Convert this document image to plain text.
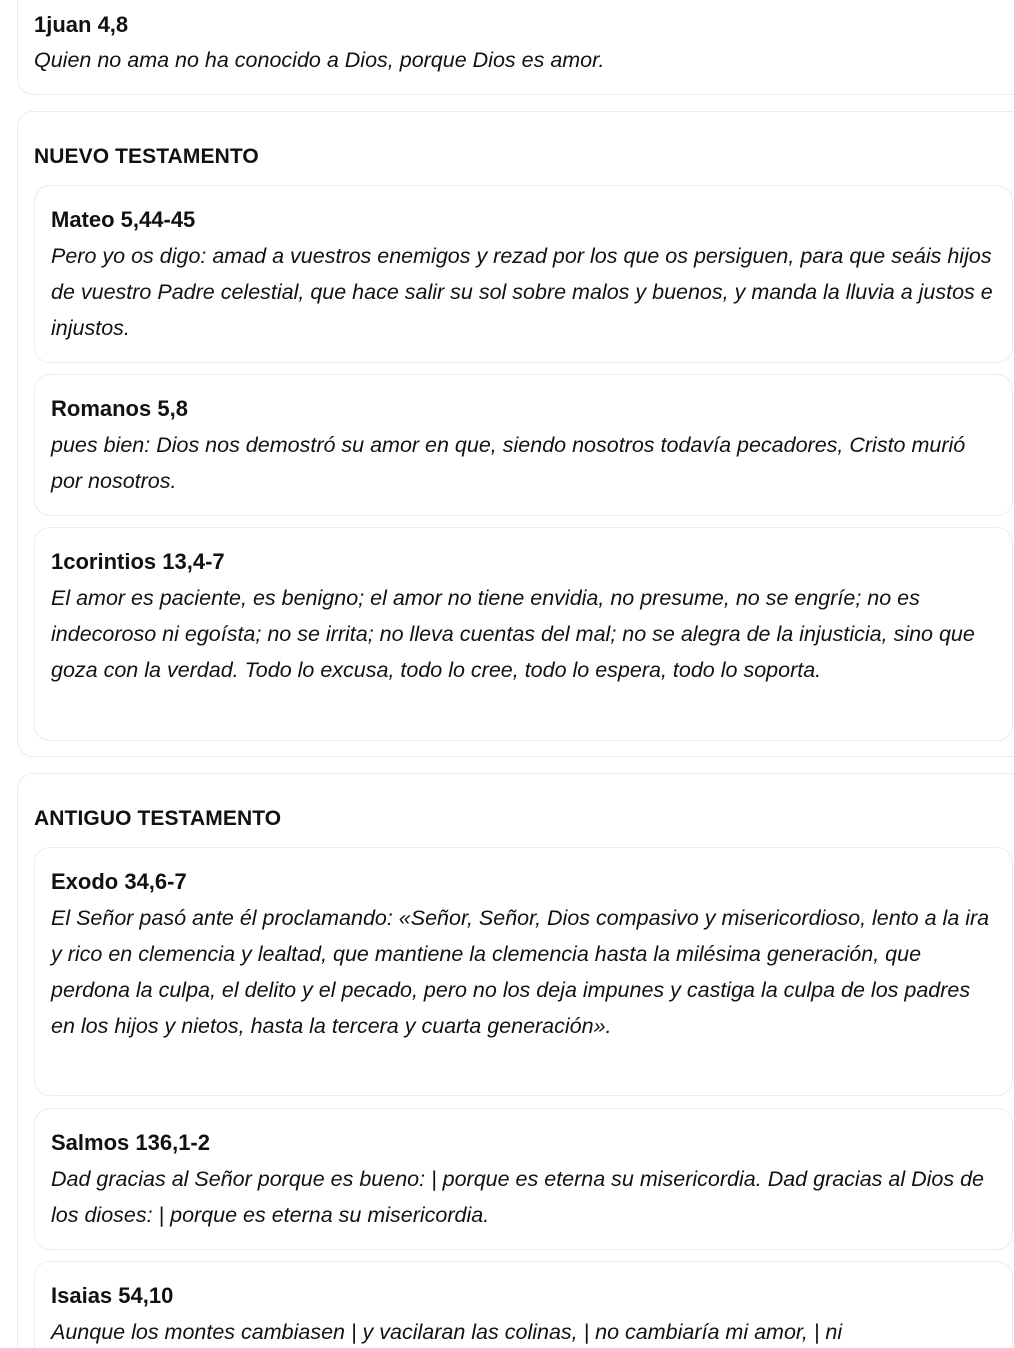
1juan 4,8

Quien no ama no ha conocido a Dios, porque Dios es amor.

NUEVO TESTAMENTO

Mateo 5,44-45

Pero yo os digo: amad a vuestros enemigos y rezad por los que os persiguen, para que seáis hijos de vuestro Padre celestial, que hace salir su sol sobre malos y buenos, y manda la lluvia a justos e injustos.

Romanos 5,8

pues bien: Dios nos demostró su amor en que, siendo nosotros todavía pecadores, Cristo murió por nosotros.

1corintios 13,4-7

El amor es paciente, es benigno; el amor no tiene envidia, no presume, no se engríe; no es indecoroso ni egoísta; no se irrita; no lleva cuentas del mal; no se alegra de la injusticia, sino que goza con la verdad. Todo lo excusa, todo lo cree, todo lo espera, todo lo soporta.

ANTIGUO TESTAMENTO

Exodo 34,6-7

El Señor pasó ante él proclamando: «Señor, Señor, Dios compasivo y misericordioso, lento a la ira y rico en clemencia y lealtad, que mantiene la clemencia hasta la milésima generación, que perdona la culpa, el delito y el pecado, pero no los deja impunes y castiga la culpa de los padres en los hijos y nietos, hasta la tercera y cuarta generación».

Salmos 136,1-2

Dad gracias al Señor porque es bueno: | porque es eterna su misericordia. Dad gracias al Dios de los dioses: | porque es eterna su misericordia.

Isaias 54,10

Aunque los montes cambiasen | y vacilaran las colinas, | no cambiaría mi amor, | ni
